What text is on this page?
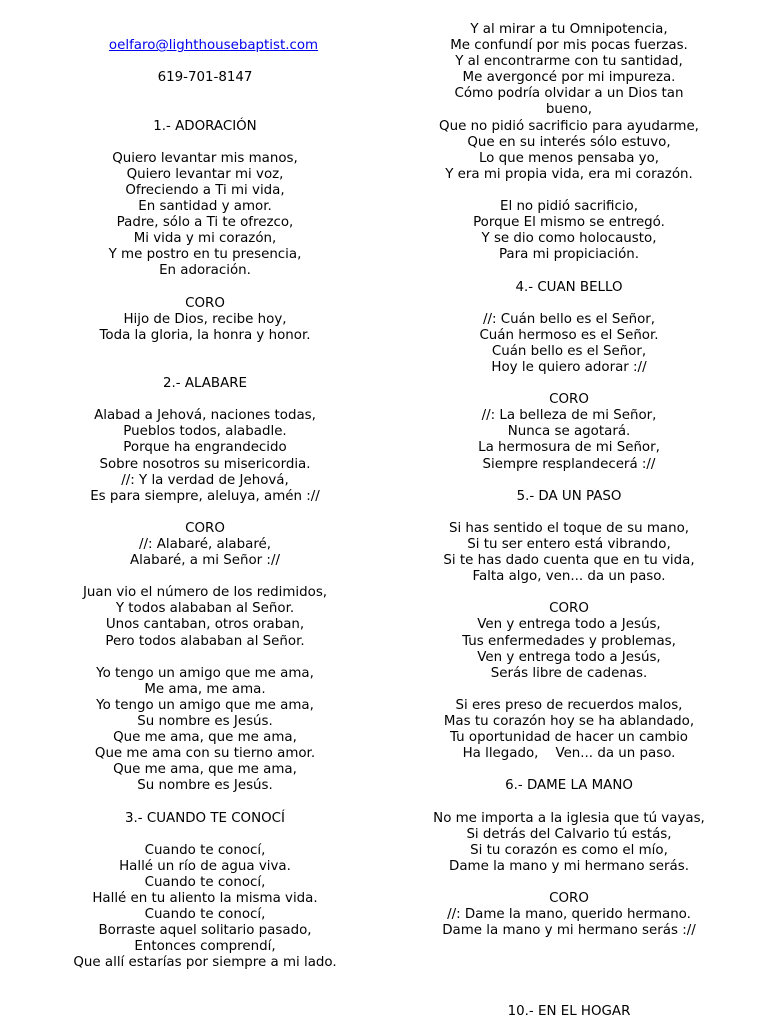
oelfaro@lighthousebaptist.com

619-701-8147
1.- ADORACIÓN
Quiero levantar mis manos,
Quiero levantar mi voz,
Ofreciendo a Ti mi vida,
En santidad y amor.
Padre, sólo a Ti te ofrezco,
Mi vida y mi corazón,
Y me postro en tu presencia,
En adoración.
CORO
Hijo de Dios, recibe hoy,
Toda la gloria, la honra y honor.
2.- ALABARE
Alabad a Jehová, naciones todas,
Pueblos todos, alabadle.
Porque ha engrandecido
Sobre nosotros su misericordia.
//: Y la verdad de Jehová,
Es para siempre, aleluya, amén ://
CORO
//: Alabaré, alabaré,
Alabaré, a mi Señor ://
Juan vio el número de los redimidos,
Y todos alababan al Señor.
Unos cantaban, otros oraban,
Pero todos alababan al Señor.
Yo tengo un amigo que me ama,
Me ama, me ama.
Yo tengo un amigo que me ama,
Su nombre es Jesús.
Que me ama, que me ama,
Que me ama con su tierno amor.
Que me ama, que me ama,
Su nombre es Jesús.
3.- CUANDO TE CONOCÍ
Cuando te conocí,
Hallé un río de agua viva.
Cuando te conocí,
Hallé en tu aliento la misma vida.
Cuando te conocí,
Borraste aquel solitario pasado,
Entonces comprendí,
Que allí estarías por siempre a mi lado.
Y al mirar a tu Omnipotencia,
Me confundí por mis pocas fuerzas.
Y al encontrarme con tu santidad,
Me avergoncé por mi impureza.
Cómo podría olvidar a un Dios tan
bueno,
Que no pidió sacrificio para ayudarme,
Que en su interés sólo estuvo,
Lo que menos pensaba yo,
Y era mi propia vida, era mi corazón.
El no pidió sacrificio,
Porque El mismo se entregó.
Y se dio como holocausto,
Para mi propiciación.
4.- CUAN BELLO
//: Cuán bello es el Señor,
Cuán hermoso es el Señor.
Cuán bello es el Señor,
Hoy le quiero adorar ://
CORO
//: La belleza de mi Señor,
Nunca se agotará.
La hermosura de mi Señor,
Siempre resplandecerá ://
5.- DA UN PASO
Si has sentido el toque de su mano,
Si tu ser entero está vibrando,
Si te has dado cuenta que en tu vida,
Falta algo, ven... da un paso.
CORO
Ven y entrega todo a Jesús,
Tus enfermedades y problemas,
Ven y entrega todo a Jesús,
Serás libre de cadenas.
Si eres preso de recuerdos malos,
Mas tu corazón hoy se ha ablandado,
Tu oportunidad de hacer un cambio
Ha llegado,    Ven... da un paso.
6.- DAME LA MANO
No me importa a la iglesia que tú vayas,
Si detrás del Calvario tú estás,
Si tu corazón es como el mío,
Dame la mano y mi hermano serás.
CORO
//: Dame la mano, querido hermano.
Dame la mano y mi hermano serás ://
10.- EN EL HOGAR
